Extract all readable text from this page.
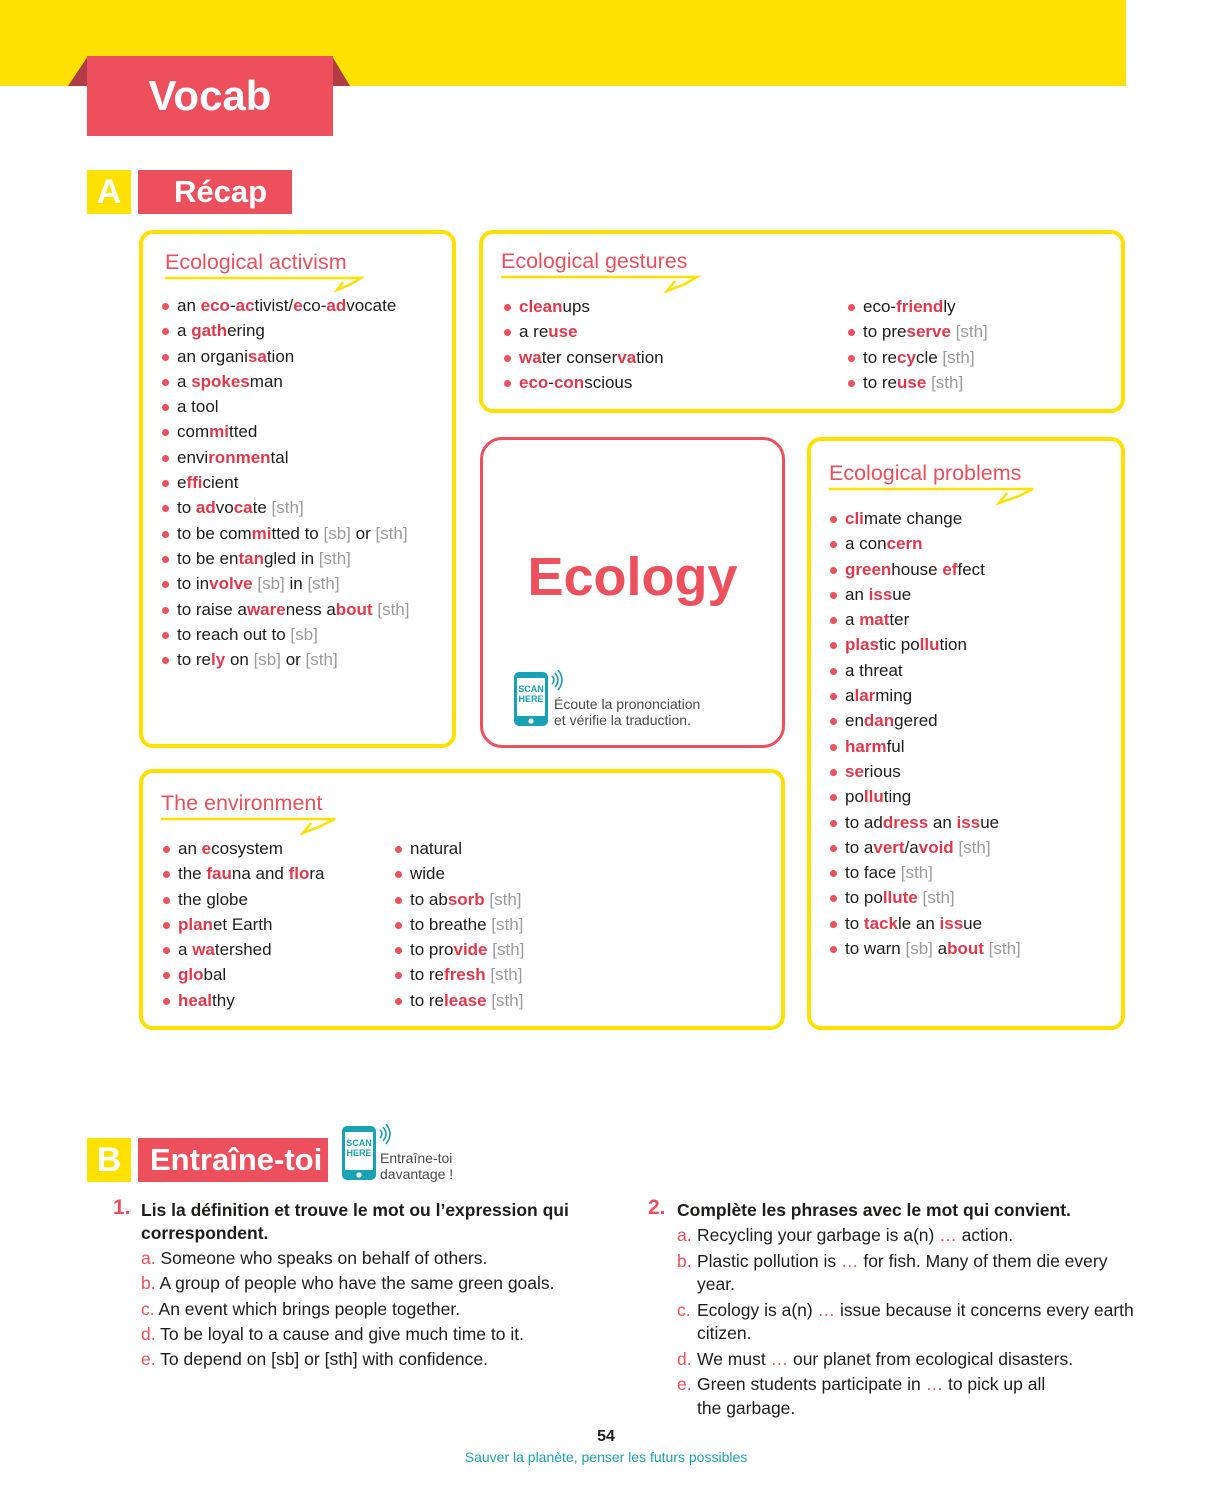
Vocab
A	Récap
Ecological activism
an eco-activist/eco-advocate
a gathering
an organisation
a spokesman
a tool
committed
environmental
efficient
to advocate [sth]
to be committed to [sb] or [sth]
to be entangled in [sth]
to involve [sb] in [sth]
to raise awareness about [sth]
to reach out to [sb]
to rely on [sb] or [sth]
Ecological gestures
cleanups
a reuse
water conservation
eco-conscious
eco-friendly
to preserve [sth]
to recycle [sth]
to reuse [sth]
Ecology
SCAN
HERE Écoute la prononciation
et vérifie la traduction.
Ecological problems
climate change
a concern
greenhouse effect
an issue
a matter
plastic pollution
a threat
alarming
endangered
harmful
serious
polluting
to address an issue
to avert/avoid [sth]
to face [sth]
to pollute [sth]
to tackle an issue
to warn [sb] about [sth]
The environment
an ecosystem
the fauna and flora
the globe
planet Earth
a watershed
global
healthy
natural
wide
to absorb [sth]
to breathe [sth]
to provide [sth]
to refresh [sth]
to release [sth]
B Entraîne-toi	SCAN
HERE Entraîne-toi
davantage !
1. Lis la définition et trouve le mot ou l’expression qui
correspondent.
a. Someone who speaks on behalf of others.
b. A group of people who have the same green goals.
c. An event which brings people together.
d. To be loyal to a cause and give much time to it.
e. To depend on [sb] or [sth] with confidence.
2. Complète les phrases avec le mot qui convient.
a. Recycling your garbage is a(n) … action.
b. Plastic pollution is … for fish. Many of them die every
year.
c. Ecology is a(n) … issue because it concerns every earth
citizen.
d. We must … our planet from ecological disasters.
e. Green students participate in … to pick up all
the garbage.
54
Sauver la planète, penser les futurs possibles
